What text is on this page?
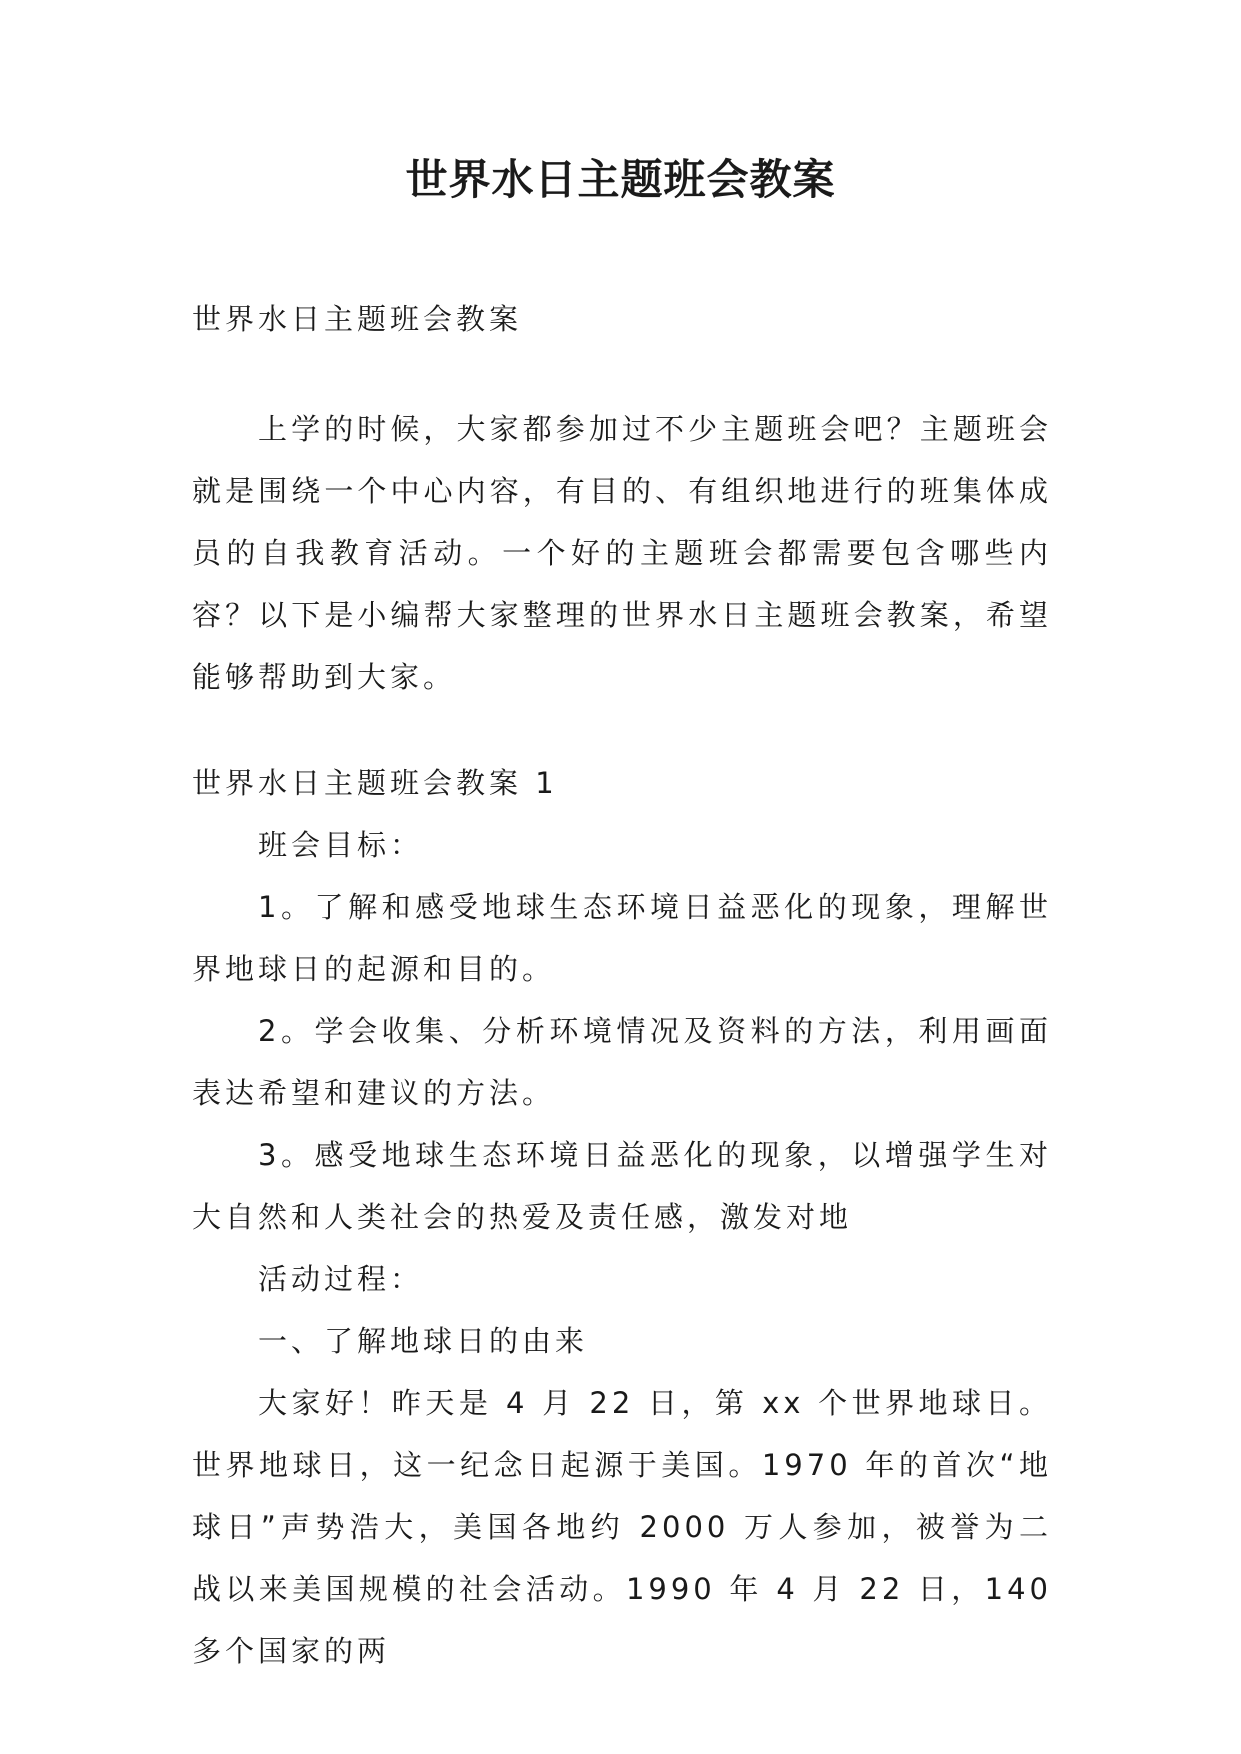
世界水日主题班会教案
世界水日主题班会教案

上学的时候，大家都参加过不少主题班会吧？主题班会就是围绕一个中心内容，有目的、有组织地进行的班集体成员的自我教育活动。一个好的主题班会都需要包含哪些内容？以下是小编帮大家整理的世界水日主题班会教案，希望能够帮助到大家。

世界水日主题班会教案 1

班会目标：

1。了解和感受地球生态环境日益恶化的现象，理解世界地球日的起源和目的。

2。学会收集、分析环境情况及资料的方法，利用画面表达希望和建议的方法。

3。感受地球生态环境日益恶化的现象，以增强学生对大自然和人类社会的热爱及责任感，激发对地

活动过程：

一、了解地球日的由来

大家好！昨天是 4 月 22 日，第 xx 个世界地球日。世界地球日，这一纪念日起源于美国。1970 年的首次“地球日”声势浩大，美国各地约 2000 万人参加，被誉为二战以来美国规模的社会活动。1990 年 4 月 22 日，140 多个国家的两
